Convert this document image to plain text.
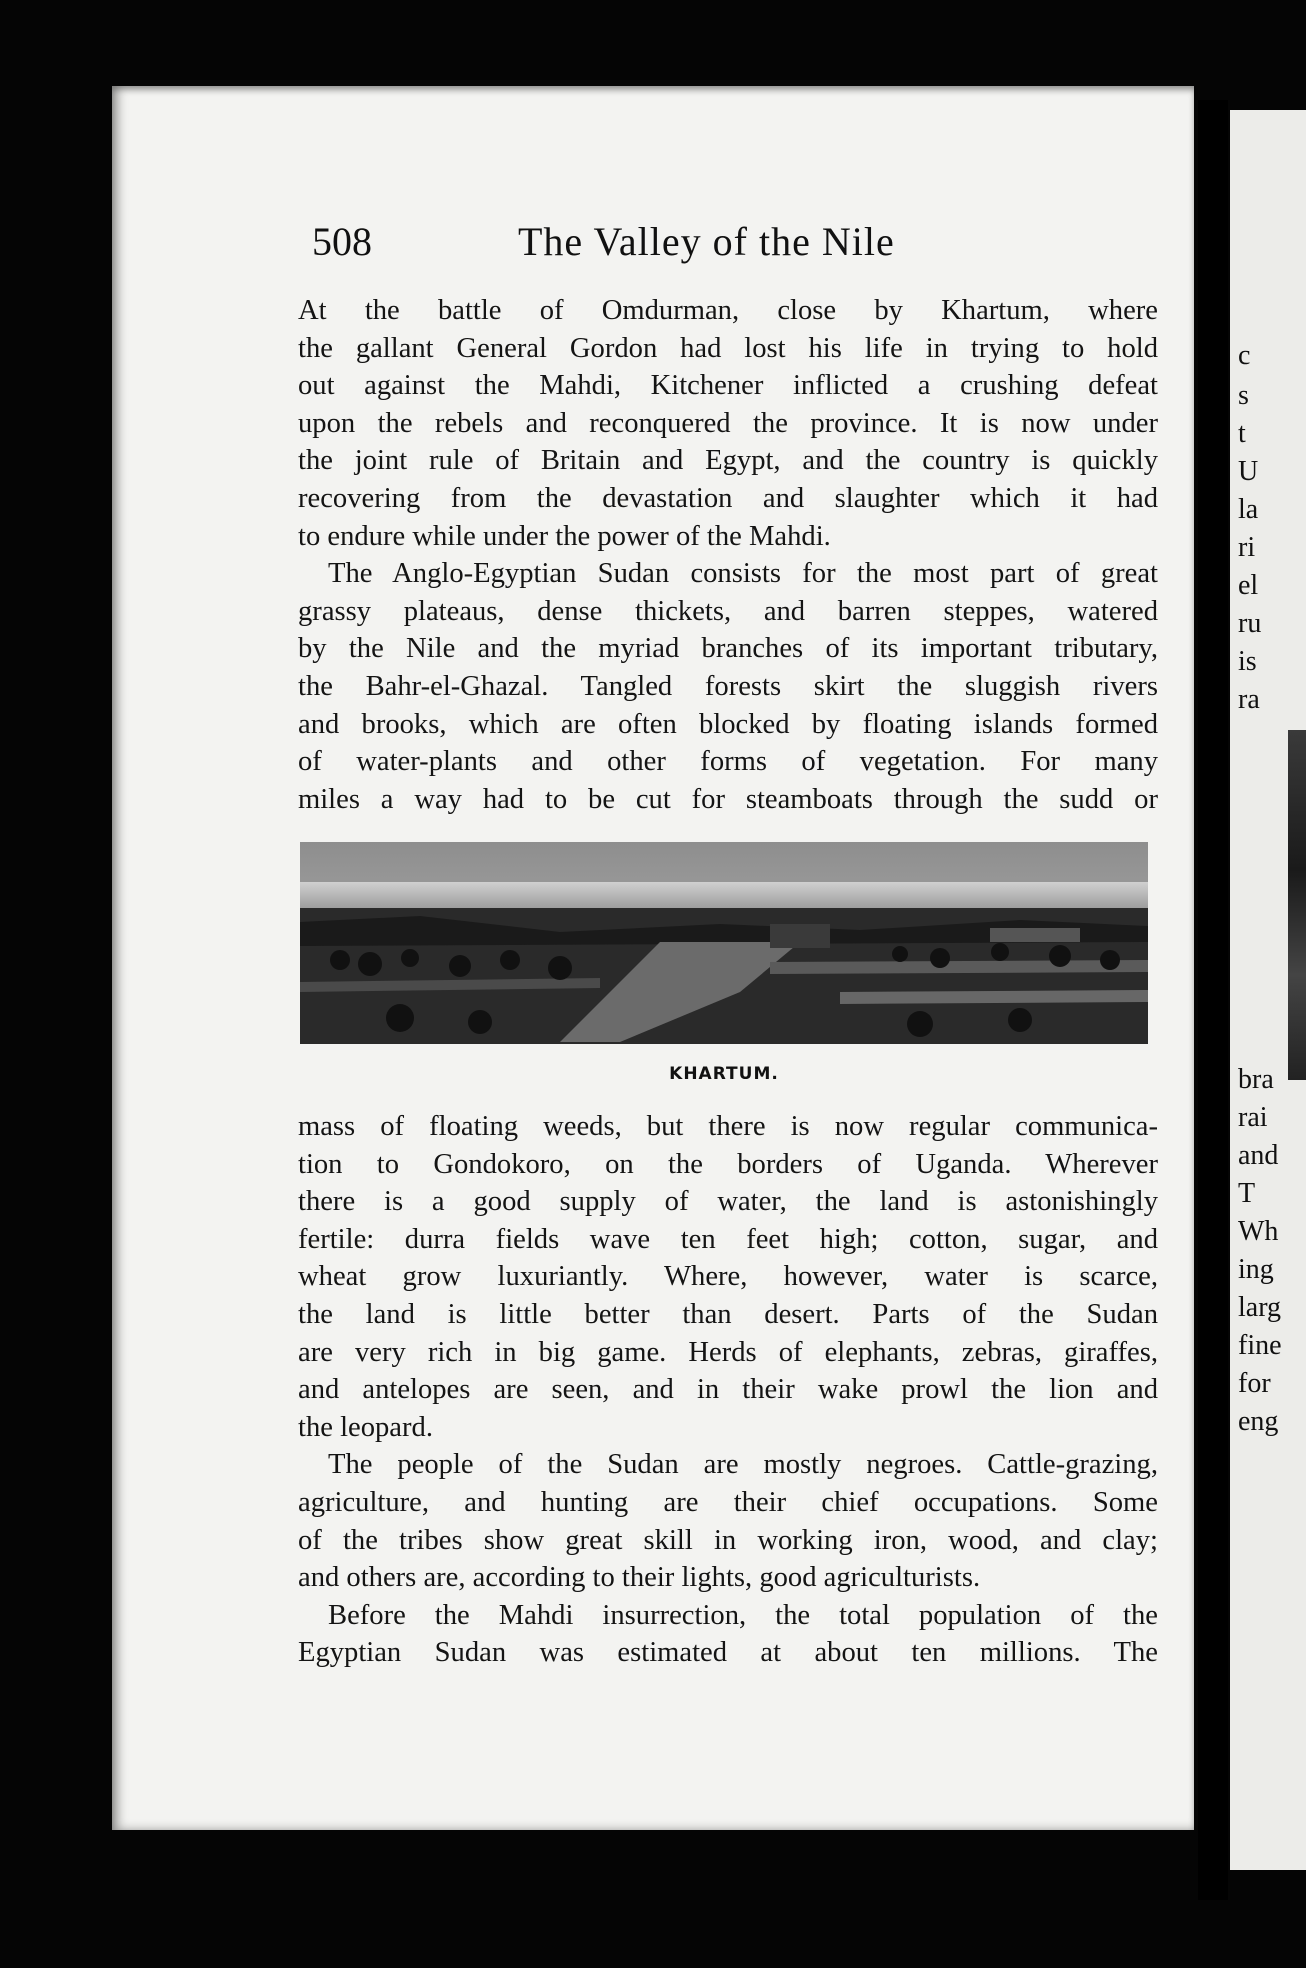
c
s
t
U
la
ri
el
ru
is
ra
bra
rai
and
T
Wh
ing
larg
fine
for
eng
508	The Valley of the Nile
At the battle of Omdurman, close by Khartum, where
the gallant General Gordon had lost his life in trying to hold
out against the Mahdi, Kitchener inflicted a crushing defeat
upon the rebels and reconquered the province. It is now under
the joint rule of Britain and Egypt, and the country is quickly
recovering from the devastation and slaughter which it had
to endure while under the power of the Mahdi.
The Anglo-Egyptian Sudan consists for the most part of great
grassy plateaus, dense thickets, and barren steppes, watered
by the Nile and the myriad branches of its important tributary,
the Bahr-el-Ghazal. Tangled forests skirt the sluggish rivers
and brooks, which are often blocked by floating islands formed
of water-plants and other forms of vegetation. For many
miles a way had to be cut for steamboats through the sudd or
KHARTUM.
mass of floating weeds, but there is now regular communica-
tion to Gondokoro, on the borders of Uganda. Wherever
there is a good supply of water, the land is astonishingly
fertile: durra fields wave ten feet high; cotton, sugar, and
wheat grow luxuriantly. Where, however, water is scarce,
the land is little better than desert. Parts of the Sudan
are very rich in big game. Herds of elephants, zebras, giraffes,
and antelopes are seen, and in their wake prowl the lion and
the leopard.
The people of the Sudan are mostly negroes. Cattle-grazing,
agriculture, and hunting are their chief occupations. Some
of the tribes show great skill in working iron, wood, and clay;
and others are, according to their lights, good agriculturists.
Before the Mahdi insurrection, the total population of the
Egyptian Sudan was estimated at about ten millions. The
